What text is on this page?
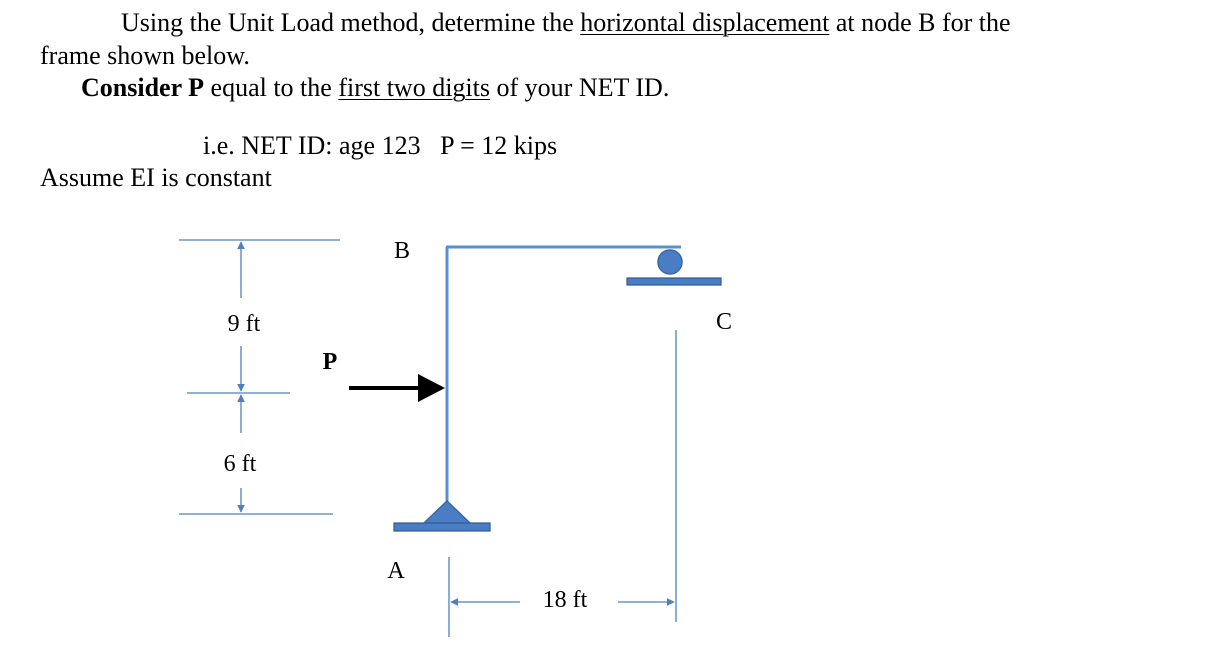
Using the Unit Load method, determine the horizontal displacement at node B for the
frame shown below.
Consider P equal to the first two digits of your NET ID.
i.e. NET ID: age 123   P = 12 kips
Assume EI is constant
9 ft
6 ft
P
B
C
A
18 ft
